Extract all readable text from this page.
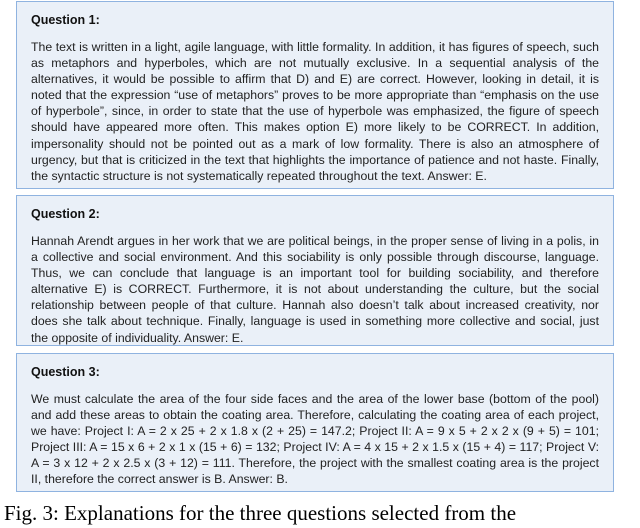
Question 1:

The text is written in a light, agile language, with little formality. In addition, it has figures of speech, such as metaphors and hyperboles, which are not mutually exclusive. In a sequential analysis of the alternatives, it would be possible to affirm that D) and E) are correct. However, looking in detail, it is noted that the expression “use of metaphors” proves to be more appropriate than “emphasis on the use of hyperbole”, since, in order to state that the use of hyperbole was emphasized, the figure of speech should have appeared more often. This makes option E) more likely to be CORRECT. In addition, impersonality should not be pointed out as a mark of low formality. There is also an atmosphere of urgency, but that is criticized in the text that highlights the importance of patience and not haste. Finally, the syntactic structure is not systematically repeated throughout the text. Answer: E.

Question 2:

Hannah Arendt argues in her work that we are political beings, in the proper sense of living in a polis, in a collective and social environment. And this sociability is only possible through discourse, language. Thus, we can conclude that language is an important tool for building sociability, and therefore alternative E) is CORRECT. Furthermore, it is not about understanding the culture, but the social relationship between people of that culture. Hannah also doesn’t talk about increased creativity, nor does she talk about technique. Finally, language is used in something more collective and social, just the opposite of individuality. Answer: E.

Question 3:

We must calculate the area of the four side faces and the area of the lower base (bottom of the pool) and add these areas to obtain the coating area. Therefore, calculating the coating area of each project, we have: Project I: A = 2 x 25 + 2 x 1.8 x (2 + 25) = 147.2; Project II: A = 9 x 5 + 2 x 2 x (9 + 5) = 101; Project III: A = 15 x 6 + 2 x 1 x (15 + 6) = 132; Project IV: A = 4 x 15 + 2 x 1.5 x (15 + 4) = 117; Project V: A = 3 x 12 + 2 x 2.5 x (3 + 12) = 111. Therefore, the project with the smallest coating area is the project II, therefore the correct answer is B. Answer: B.

Fig. 3: Explanations for the three questions selected from the
